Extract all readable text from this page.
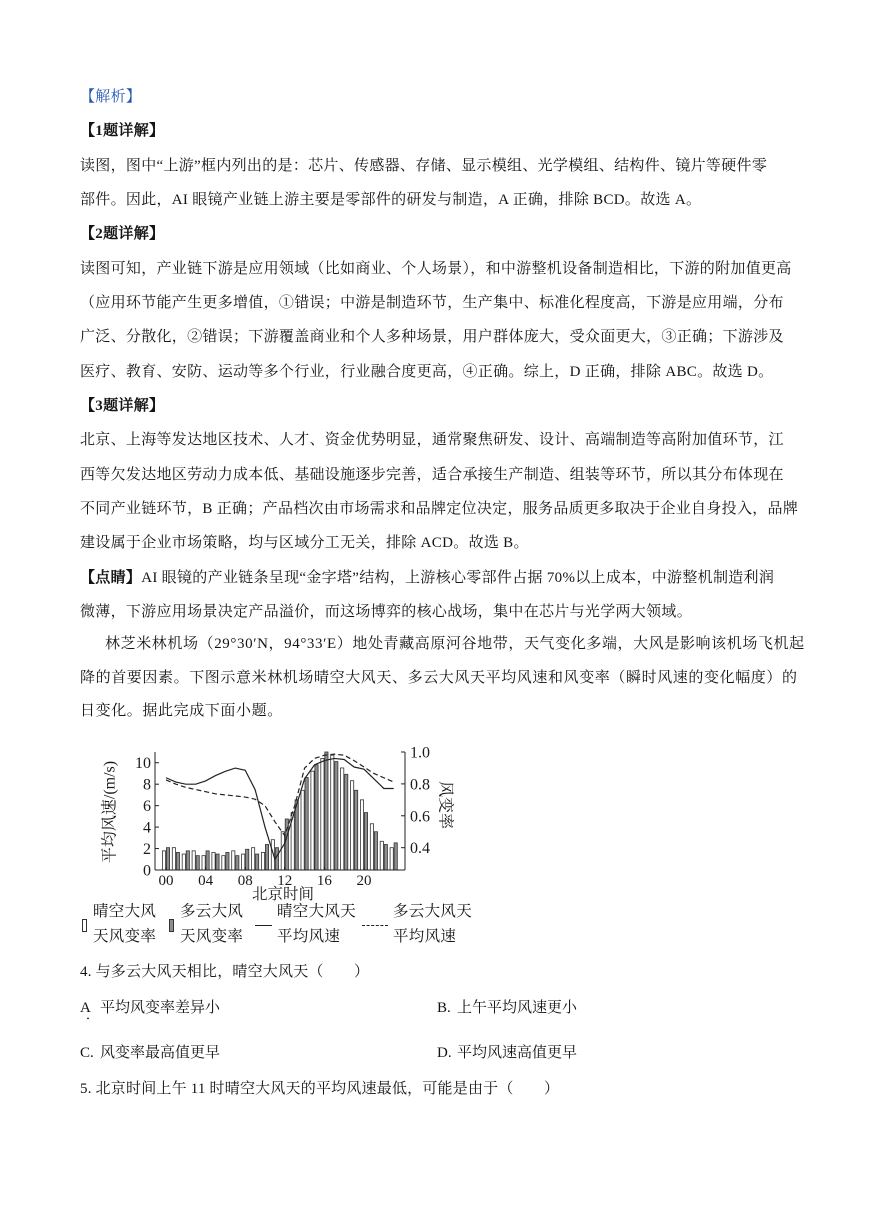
【解析】
【1题详解】
读图，图中“上游”框内列出的是：芯片、传感器、存储、显示模组、光学模组、结构件、镜片等硬件零
部件。因此，AI 眼镜产业链上游主要是零部件的研发与制造，A 正确，排除 BCD。故选 A。
【2题详解】
读图可知，产业链下游是应用领域（比如商业、个人场景），和中游整机设备制造相比，下游的附加值更高
（应用环节能产生更多增值，①错误；中游是制造环节，生产集中、标准化程度高，下游是应用端，分布
广泛、分散化，②错误；下游覆盖商业和个人多种场景，用户群体庞大，受众面更大，③正确；下游涉及
医疗、教育、安防、运动等多个行业，行业融合度更高，④正确。综上，D 正确，排除 ABC。故选 D。
【3题详解】
北京、上海等发达地区技术、人才、资金优势明显，通常聚焦研发、设计、高端制造等高附加值环节，江
西等欠发达地区劳动力成本低、基础设施逐步完善，适合承接生产制造、组装等环节，所以其分布体现在
不同产业链环节，B 正确；产品档次由市场需求和品牌定位决定，服务品质更多取决于企业自身投入，品牌
建设属于企业市场策略，均与区域分工无关，排除 ACD。故选 B。
【点睛】AI 眼镜的产业链条呈现“金字塔”结构，上游核心零部件占据 70%以上成本，中游整机制造利润
微薄，下游应用场景决定产品溢价，而这场博弈的核心战场，集中在芯片与光学两大领域。
林芝米林机场（29°30′N，94°33′E）地处青藏高原河谷地带，天气变化多端，大风是影响该机场飞机起
降的首要因素。下图示意米林机场晴空大风天、多云大风天平均风速和风变率（瞬时风速的变化幅度）的
日变化。据此完成下面小题。
平均风速/(m/s)	风变率
北京时间
0
2
4
6
8
10
0.4
0.6
0.8
1.0
00 04 08 12 16 20
晴空大风天风变率
多云大风天风变率
晴空大风天平均风速
多云大风天平均风速
4. 与多云大风天相比，晴空大风天（　　）
A
． 平均风变率差异小	B. 上午平均风速更小
C. 风变率最高值更早	D. 平均风速高值更早
5. 北京时间上午 11 时晴空大风天的平均风速最低，可能是由于（　　）
